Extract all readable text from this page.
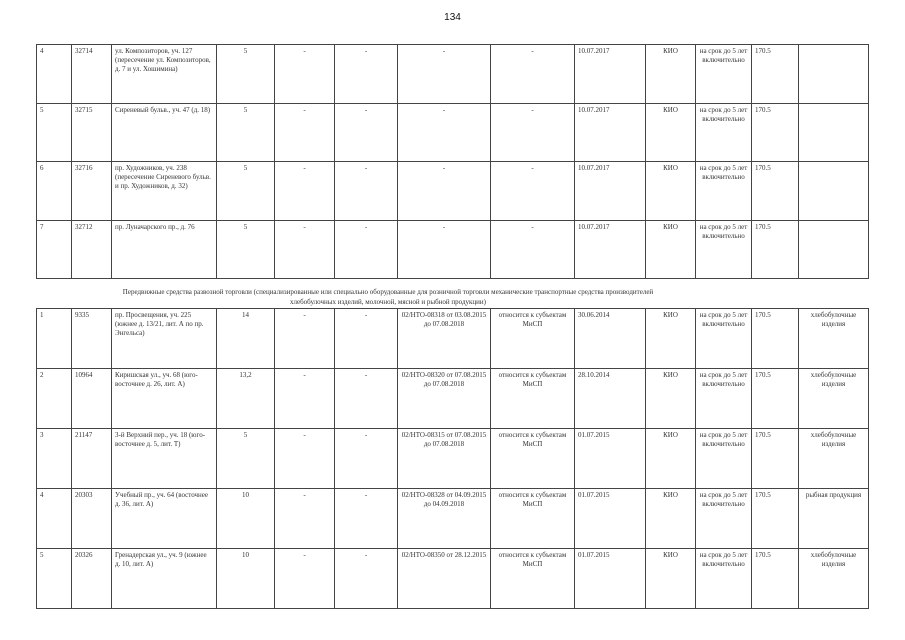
134
4	32714	ул. Композиторов, уч. 127 (пересечение ул. Композиторов, д. 7 и ул. Хошимина)	5	-	-	-	-	10.07.2017	КИО	на срок до 5 лет включительно	170.5	
5	32715	Сиреневый бульв., уч. 47 (д. 18)	5	-	-	-	-	10.07.2017	КИО	на срок до 5 лет включительно	170.5	
6	32716	пр. Художников, уч. 238 (пересечение Сиреневого бульв. и пр. Художников, д. 32)	5	-	-	-	-	10.07.2017	КИО	на срок до 5 лет включительно	170.5	
7	32712	пр. Луначарского пр., д. 76	5	-	-	-	-	10.07.2017	КИО	на срок до 5 лет включительно	170.5	
Передвижные средства развозной торговли (специализированные или специально оборудованные для розничной торговли механические транспортные средства производителей
хлебобулочных изделий, молочной, мясной и рыбной продукции)
1	9335	пр. Просвещения, уч. 225 (южнее д. 13/21, лит. А по пр. Энгельса)	14	-	-	02/НТО-08318 от 03.08.2015 до 07.08.2018	относится к субъектам МиСП	30.06.2014	КИО	на срок до 5 лет включительно	170.5	хлебобулочные изделия
2	10964	Киришская ул., уч. 68 (юго-восточнее д. 26, лит. А)	13,2	-	-	02/НТО-08320 от 07.08.2015 до 07.08.2018	относится к субъектам МиСП	28.10.2014	КИО	на срок до 5 лет включительно	170.5	хлебобулочные изделия
3	21147	3-й Верхний пер., уч. 18 (юго-восточнее д. 5, лит. Т)	5	-	-	02/НТО-08315 от 07.08.2015 до 07.08.2018	относится к субъектам МиСП	01.07.2015	КИО	на срок до 5 лет включительно	170.5	хлебобулочные изделия
4	20303	Учебный пр., уч. 64 (восточнее д. 36, лит. А)	10	-	-	02/НТО-08328 от 04.09.2015 до 04.09.2018	относится к субъектам МиСП	01.07.2015	КИО	на срок до 5 лет включительно	170.5	рыбная продукция
5	20326	Гренадерская ул., уч. 9 (южнее д. 10, лит. А)	10	-	-	02/НТО-08350 от 28.12.2015	относится к субъектам МиСП	01.07.2015	КИО	на срок до 5 лет включительно	170.5	хлебобулочные изделия
